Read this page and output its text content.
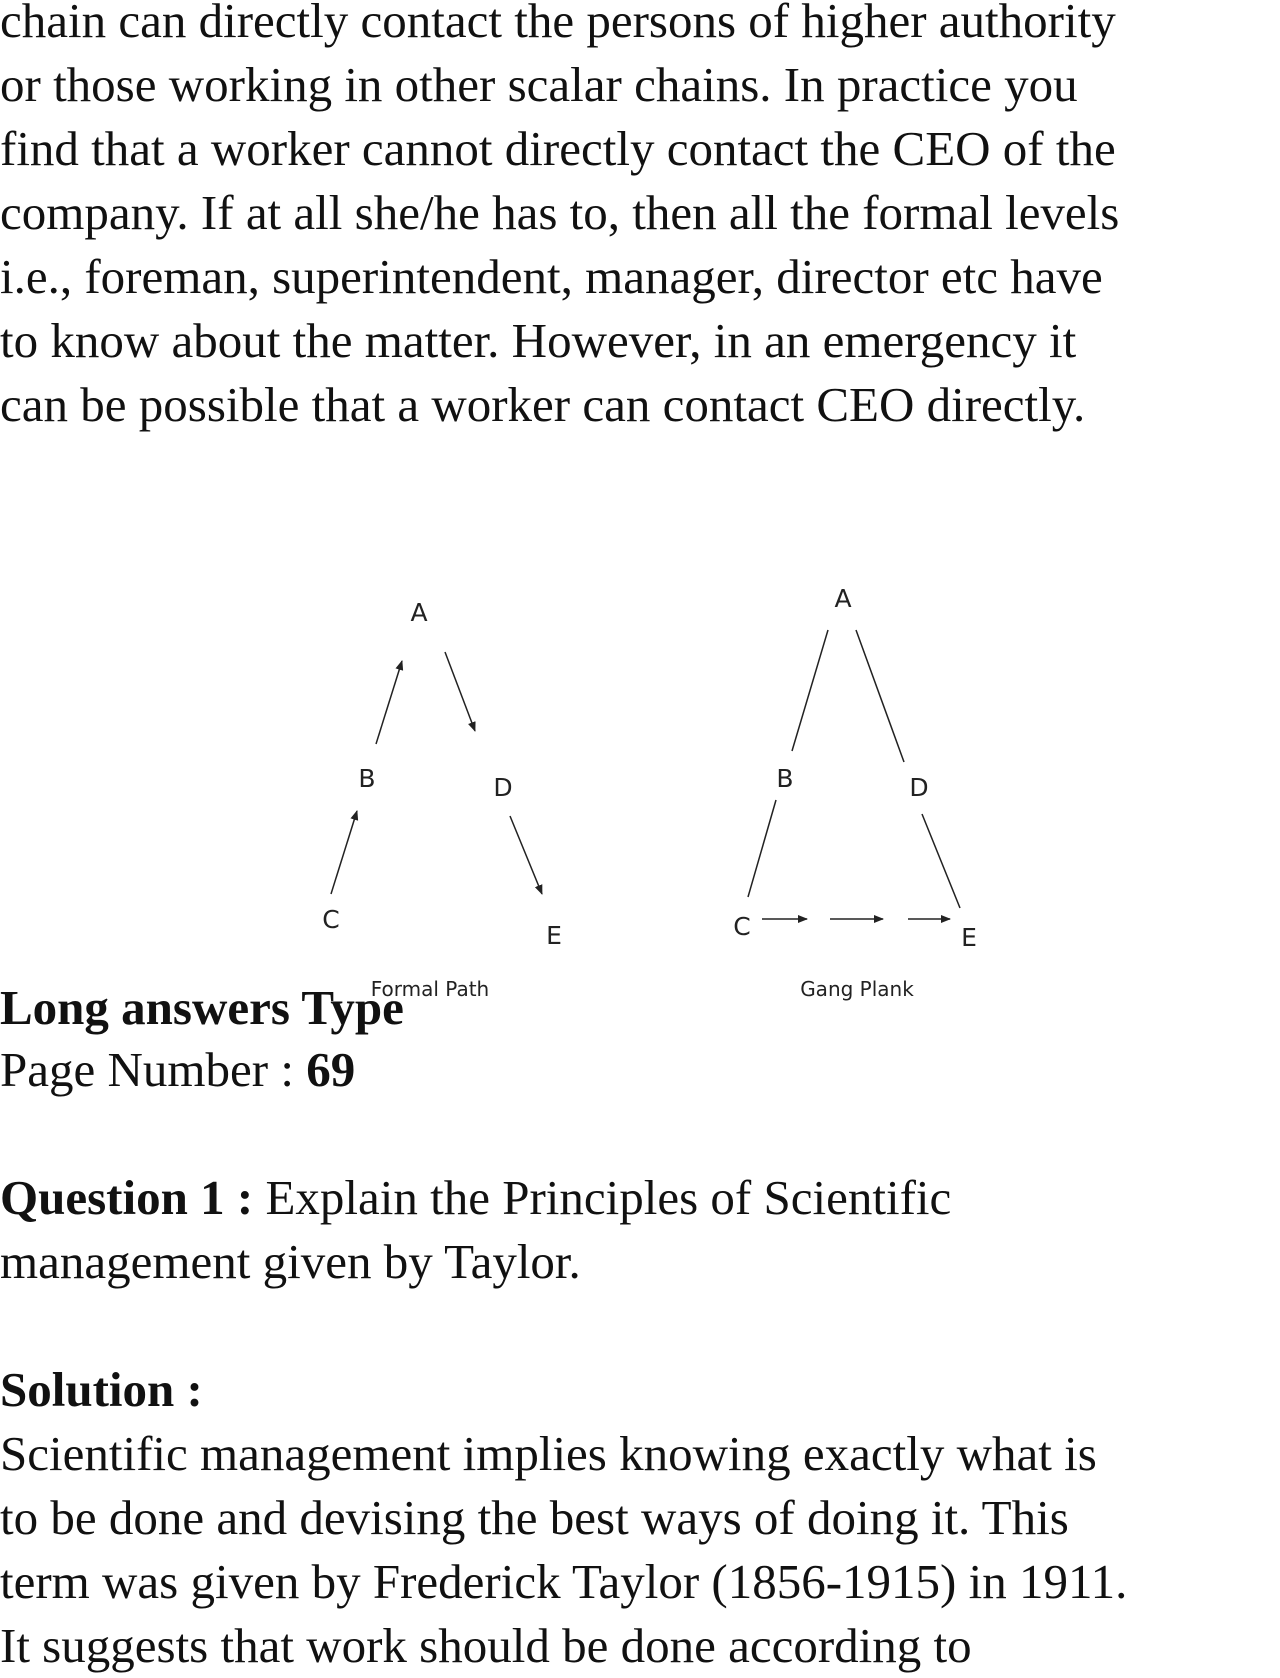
chain can directly contact the persons of higher authority
or those working in other scalar chains. In practice you
find that a worker cannot directly contact the CEO of the
company. If at all she/he has to, then all the formal levels
i.e., foreman, superintendent, manager, director etc have
to know about the matter. However, in an emergency it
can be possible that a worker can contact CEO directly.
A
B
C
D
E
Formal Path
A
B
C
D
E
Gang Plank
Long answers Type
Page Number : 69
Question 1 : Explain the Principles of Scientific
management given by Taylor.
Solution :
Scientific management implies knowing exactly what is
to be done and devising the best ways of doing it. This
term was given by Frederick Taylor (1856-1915) in 1911.
It suggests that work should be done according to
